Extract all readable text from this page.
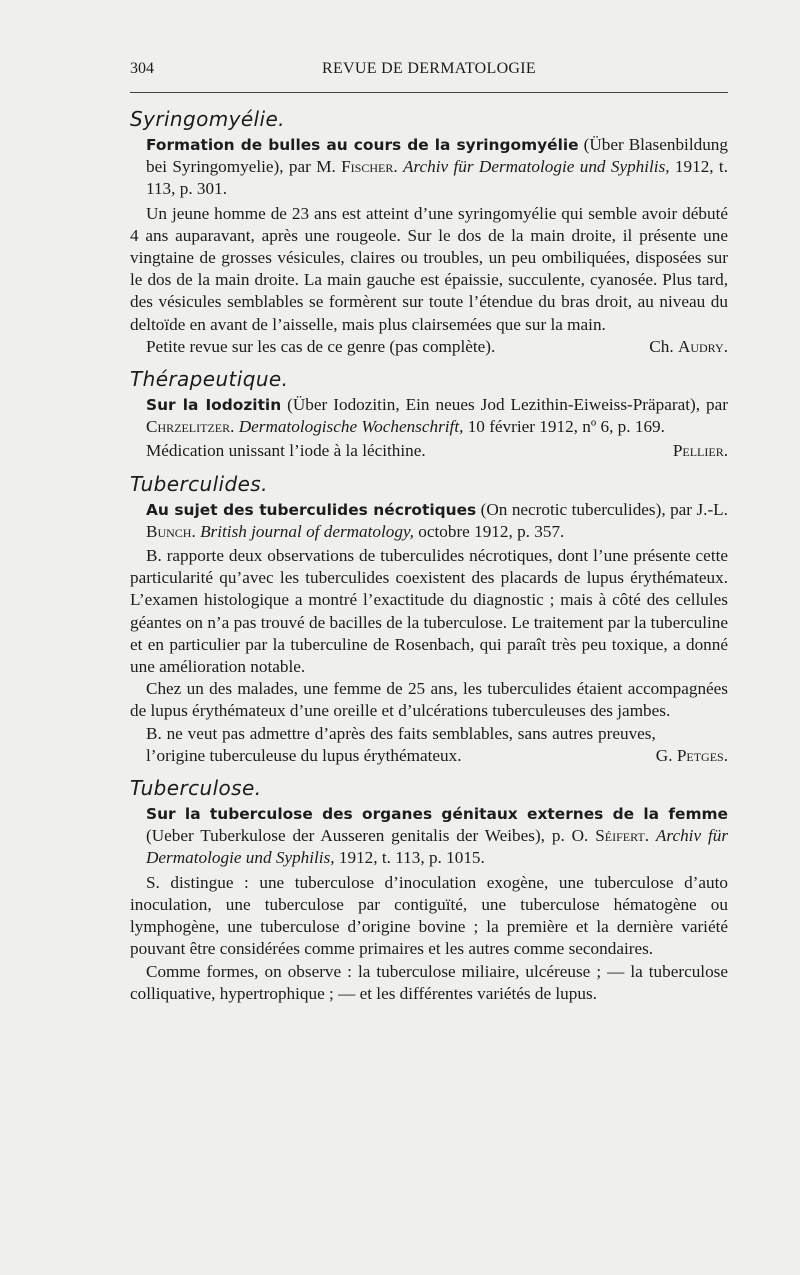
304	REVUE DE DERMATOLOGIE
Syringomyélie.

Formation de bulles au cours de la syringomyélie (Über Blasenbildung bei Syringomyelie), par M. Fischer. Archiv für Dermatologie und Syphilis, 1912, t. 113, p. 301.

Un jeune homme de 23 ans est atteint d’une syringomyélie qui semble avoir débuté 4 ans auparavant, après une rougeole. Sur le dos de la main droite, il présente une vingtaine de grosses vésicules, claires ou troubles, un peu ombiliquées, disposées sur le dos de la main droite. La main gauche est épaissie, succulente, cyanosée. Plus tard, des vésicules semblables se formèrent sur toute l’étendue du bras droit, au niveau du deltoïde en avant de l’aisselle, mais plus clairsemées que sur la main.

Petite revue sur les cas de ce genre (pas complète).	Ch. Audry.
Thérapeutique.

Sur la Iodozitin (Über Iodozitin, Ein neues Jod Lezithin-Eiweiss-Präparat), par Chrzelitzer. Dermatologische Wochenschrift, 10 février 1912, nº 6, p. 169.

Médication unissant l’iode à la lécithine.	Pellier.
Tuberculides.

Au sujet des tuberculides nécrotiques (On necrotic tuberculides), par J.-L. Bunch. British journal of dermatology, octobre 1912, p. 357.

B. rapporte deux observations de tuberculides nécrotiques, dont l’une présente cette particularité qu’avec les tuberculides coexistent des placards de lupus érythémateux. L’examen histologique a montré l’exactitude du diagnostic ; mais à côté des cellules géantes on n’a pas trouvé de bacilles de la tuberculose. Le traitement par la tuberculine et en particulier par la tuberculine de Rosenbach, qui paraît très peu toxique, a donné une amélioration notable.

Chez un des malades, une femme de 25 ans, les tuberculides étaient accompagnées de lupus érythémateux d’une oreille et d’ulcérations tuberculeuses des jambes.

B. ne veut pas admettre d’après des faits semblables, sans autres preuves, l’origine tuberculeuse du lupus érythémateux.	G. Petges.
Tuberculose.

Sur la tuberculose des organes génitaux externes de la femme (Ueber Tuberkulose der Ausseren genitalis der Weibes), p. O. Séifert. Archiv für Dermatologie und Syphilis, 1912, t. 113, p. 1015.

S. distingue : une tuberculose d’inoculation exogène, une tuberculose d’auto inoculation, une tuberculose par contiguïté, une tuberculose hématogène ou lymphogène, une tuberculose d’origine bovine ; la première et la dernière variété pouvant être considérées comme primaires et les autres comme secondaires.

Comme formes, on observe : la tuberculose miliaire, ulcéreuse ; — la tuberculose colliquative, hypertrophique ; — et les différentes variétés de lupus.
